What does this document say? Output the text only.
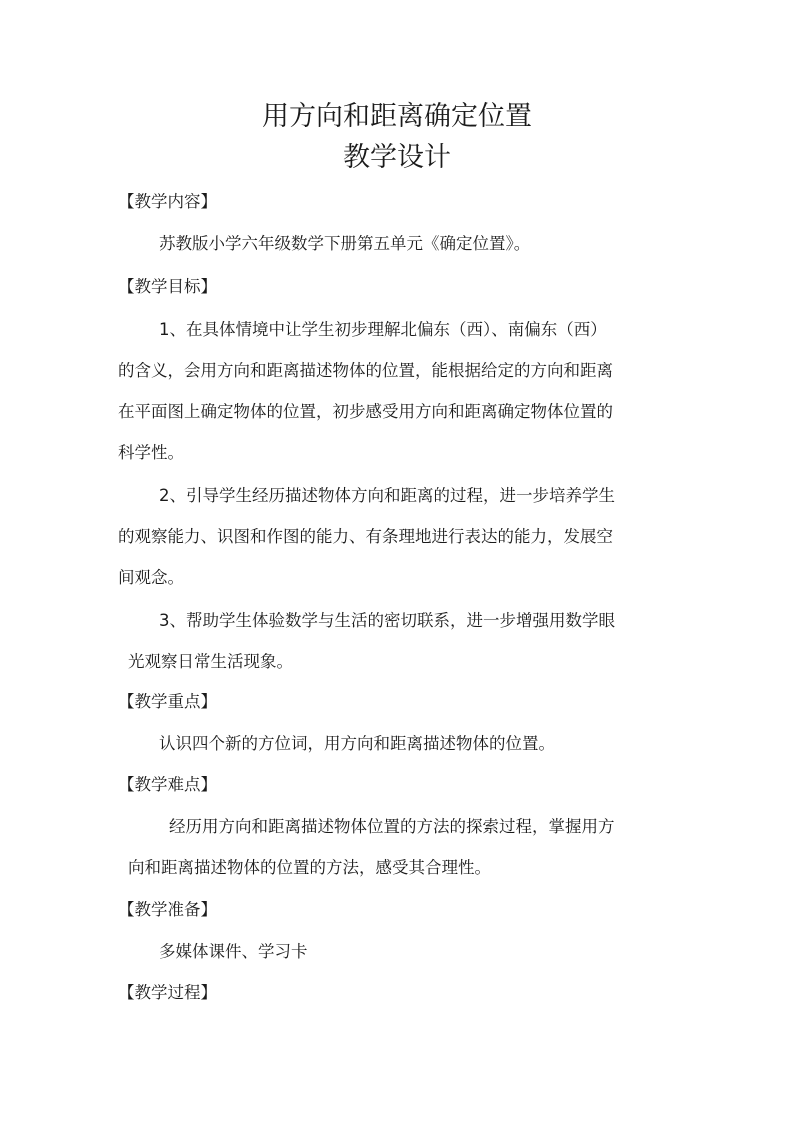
用方向和距离确定位置
教学设计
【教学内容】
苏教版小学六年级数学下册第五单元《确定位置》。
【教学目标】
1、在具体情境中让学生初步理解北偏东（西）、南偏东（西）
的含义，会用方向和距离描述物体的位置，能根据给定的方向和距离
在平面图上确定物体的位置，初步感受用方向和距离确定物体位置的
科学性。
2、引导学生经历描述物体方向和距离的过程，进一步培养学生
的观察能力、识图和作图的能力、有条理地进行表达的能力，发展空
间观念。
3、帮助学生体验数学与生活的密切联系，进一步增强用数学眼
光观察日常生活现象。
【教学重点】
认识四个新的方位词，用方向和距离描述物体的位置。
【教学难点】
经历用方向和距离描述物体位置的方法的探索过程，掌握用方
向和距离描述物体的位置的方法，感受其合理性。
【教学准备】
多媒体课件、学习卡
【教学过程】
